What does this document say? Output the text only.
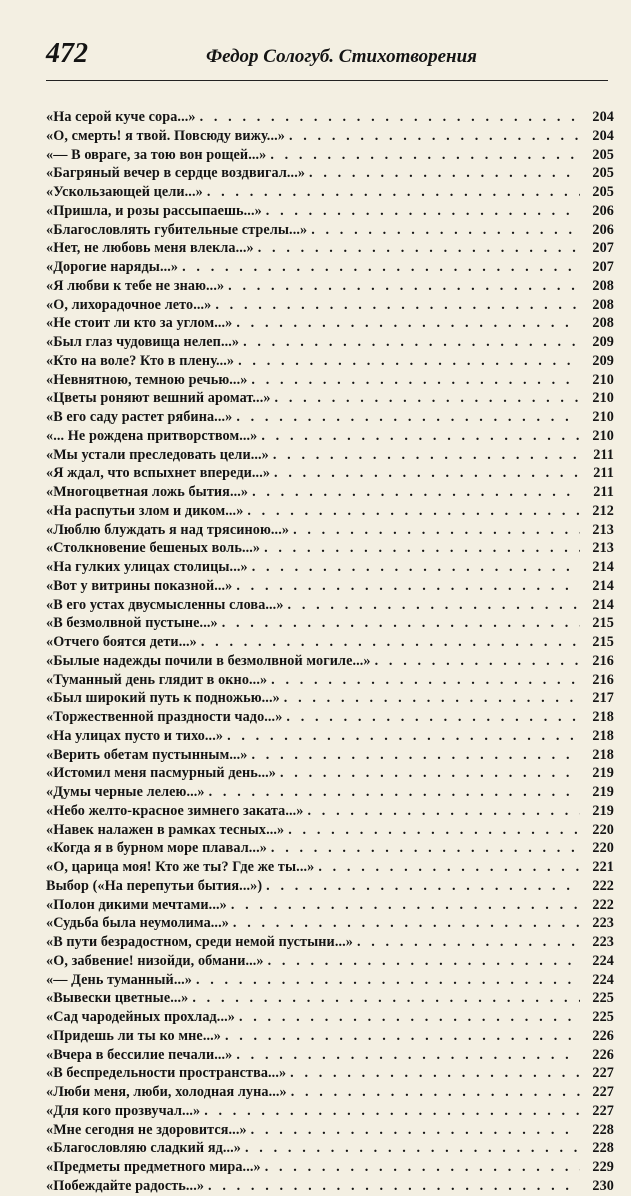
472	Федор Сологуб. Стихотворения
«На серой куче сора...» . . .	204
«О, смерть! я твой. Повсюду вижу...» . . .	204
«— В овраге, за тою вон рощей...» . . .	205
«Багряный вечер в сердце воздвигал...» . . .	205
«Ускользающей цели...» . . .	205
«Пришла, и розы рассыпаешь...» . . .	206
«Благословлять губительные стрелы...» . . .	206
«Нет, не любовь меня влекла...» . . .	207
«Дорогие наряды...» . . .	207
«Я любви к тебе не знаю...» . . .	208
«О, лихорадочное лето...» . . .	208
«Не стоит ли кто за углом...» . . .	208
«Был глаз чудовища нелеп...» . . .	209
«Кто на воле? Кто в плену...» . . .	209
«Невнятною, темною речью...» . . .	210
«Цветы роняют вешний аромат...» . . .	210
«В его саду растет рябина...» . . .	210
«... Не рождена притворством...» . . .	210
«Мы устали преследовать цели...» . . .	211
«Я ждал, что вспыхнет впереди...» . . .	211
«Многоцветная ложь бытия...» . . .	211
«На распутьи злом и диком...» . . .	212
«Люблю блуждать я над трясиною...» . . .	213
«Столкновение бешеных воль...» . . .	213
«На гулких улицах столицы...» . . .	214
«Вот у витрины показной...» . . .	214
«В его устах двусмысленны слова...» . . .	214
«В безмолвной пустыне...» . . .	215
«Отчего боятся дети...» . . .	215
«Былые надежды почили в безмолвной могиле...» . . .	216
«Туманный день глядит в окно...» . . .	216
«Был широкий путь к подножью...» . . .	217
«Торжественной праздности чадо...» . . .	218
«На улицах пусто и тихо...» . . .	218
«Верить обетам пустынным...» . . .	218
«Истомил меня пасмурный день...» . . .	219
«Думы черные лелею...» . . .	219
«Небо желто-красное зимнего заката...» . . .	219
«Навек налажен в рамках тесных...» . . .	220
«Когда я в бурном море плавал...» . . .	220
«О, царица моя! Кто же ты? Где же ты...» . . .	221
Выбор («На перепутьи бытия...») . . .	222
«Полон дикими мечтами...» . . .	222
«Судьба была неумолима...» . . .	223
«В пути безрадостном, среди немой пустыни...» . . .	223
«О, забвение! низойди, обмани...» . . .	224
«— День туманный...» . . .	224
«Вывески цветные...» . . .	225
«Сад чародейных прохлад...» . . .	225
«Придешь ли ты ко мне...» . . .	226
«Вчера в бессилие печали...» . . .	226
«В беспредельности пространства...» . . .	227
«Люби меня, люби, холодная луна...» . . .	227
«Для кого прозвучал...» . . .	227
«Мне сегодня не здоровится...» . . .	228
«Благословляю сладкий яд...» . . .	228
«Предметы предметного мира...» . . .	229
«Побеждайте радость...» . . .	230
